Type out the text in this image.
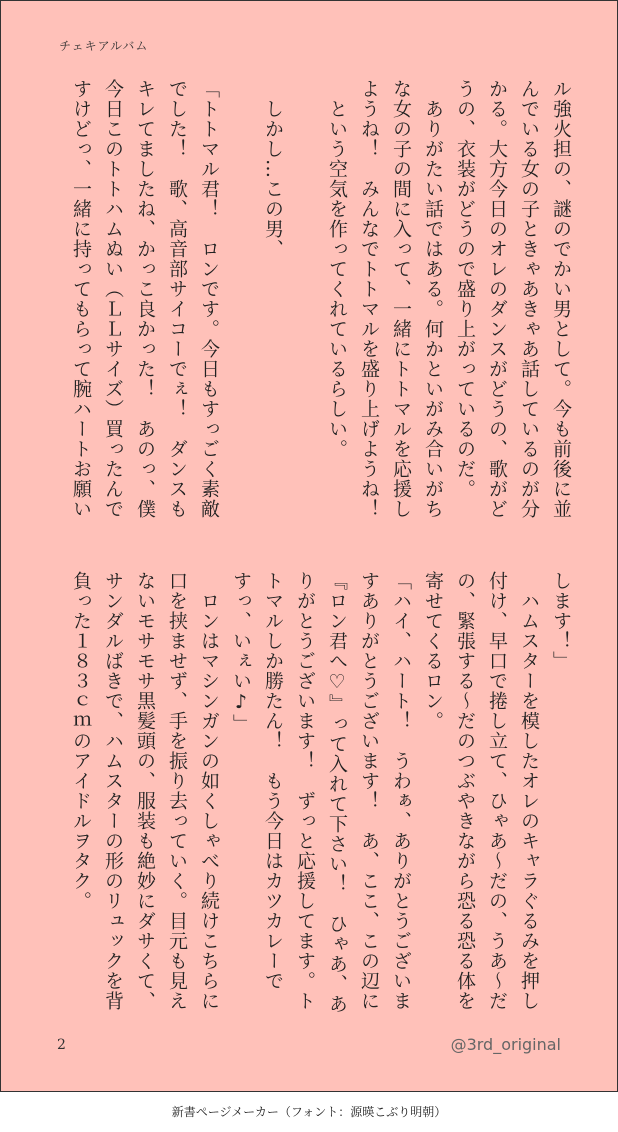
チェキアルバム
ル強火担の、謎のでかい男として。今も前後に並
んでいる女の子ときゃあきゃあ話しているのが分
かる。大方今日のオレのダンスがどうの、歌がど
うの、衣装がどうので盛り上がっているのだ。
　ありがたい話ではある。何かといがみ合いがち
な女の子の間に入って、一緒にトトマルを応援し
ようね！　みんなでトトマルを盛り上げようね！
　という空気を作ってくれているらしい。

　しかし…この男、

「トトマル君！　ロンです。今日もすっごく素敵
でした！　歌、高音部サイコーでぇ！　ダンスも
キレてましたね、かっこ良かった！　あのっ、僕
今日このトトハムぬい（ＬＬサイズ）買ったんで
すけどっ、一緒に持ってもらって腕ハートお願い
します！」
　ハムスターを模したオレのキャラぐるみを押し
付け、早口で捲し立て、ひゃあ〜だの、うあ〜だ
の、緊張する〜だのつぶやきながら恐る恐る体を
寄せてくるロン。
「ハイ、ハート！　うわぁ、ありがとうございま
すありがとうございます！　あ、ここ、この辺に
『ロン君へ♡』って入れて下さい！　ひゃあ、あ
りがとうございます！　ずっと応援してます。ト
トマルしか勝たん！　もう今日はカツカレーで
すっ、いぇい♪」
　ロンはマシンガンの如くしゃべり続けこちらに
口を挟ませず、手を振り去っていく。目元も見え
ないモサモサ黒髪頭の、服装も絶妙にダサくて、
サンダルばきで、ハムスターの形のリュックを背
負った１８３ｃｍのアイドルヲタク。
2	@3rd_original
新書ページメーカー（フォント：源暎こぶり明朝）
